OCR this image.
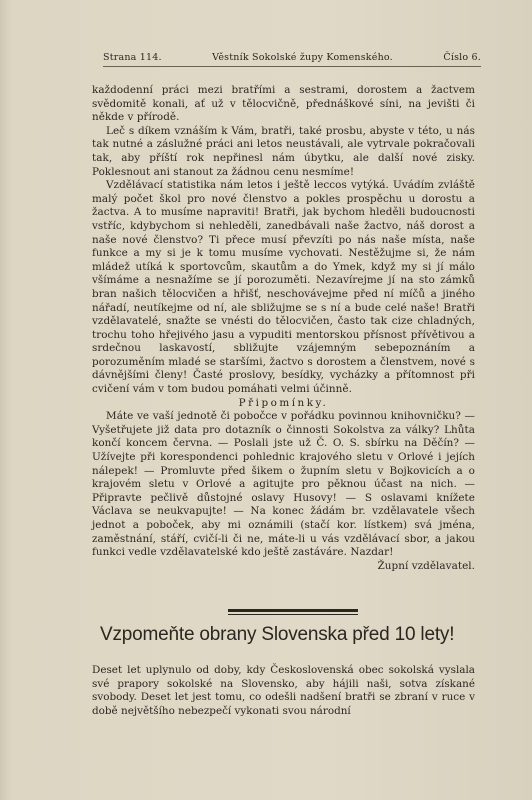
Strana 114.	Věstník Sokolské župy Komenského.	Číslo 6.

každodenní práci mezi bratřími a sestrami, dorostem a žactvem svědomitě konali, ať už v tělocvičně, přednáškové síni, na jevišti či někde v přírodě.

Leč s díkem vznáším k Vám, bratři, také prosbu, abyste v této, u nás tak nutné a záslužné práci ani letos neustávali, ale vytrvale pokračovali tak, aby příští rok nepřinesl nám úbytku, ale další nové zisky. Poklesnout ani stanout za žádnou cenu nesmíme!

Vzdělávací statistika nám letos i ještě leccos vytýká. Uvádím zvláště malý počet škol pro nové členstvo a pokles prospěchu u dorostu a žactva. A to musíme napraviti! Bratři, jak bychom hleděli budoucnosti vstříc, kdybychom si nehleděli, zanedbávali naše žactvo, náš dorost a naše nové členstvo? Ti přece musí převzíti po nás naše místa, naše funkce a my si je k tomu musíme vychovati. Nestěžujme si, že nám mládež utíká k sportovcům, skautům a do Ymek, když my si jí málo všímáme a nesnažíme se jí porozuměti. Nezavírejme jí na sto zámků bran našich tělocvičen a hřišť, neschovávejme před ní míčů a jiného nářadí, neutíkejme od ní, ale sbližujme se s ní a bude celé naše! Bratři vzdělavatelé, snažte se vnésti do tělocvičen, často tak cize chladných, trochu toho hřejivého jasu a vypuditi mentorskou přísnost přívětivou a srdečnou laskavostí, sbližujte vzájemným sebepoznáním a porozuměním mladé se staršími, žactvo s dorostem a členstvem, nové s dávnějšími členy! Časté proslovy, besídky, vycházky a přítomnost při cvičení vám v tom budou pomáhati velmi účinně.

Připomínky.

Máte ve vaší jednotě či pobočce v pořádku povinnou knihovničku? — Vyšetřujete již data pro dotazník o činnosti Sokolstva za války? Lhůta končí koncem června. — Poslali jste už Č. O. S. sbírku na Děčín? — Užívejte při korespondenci pohlednic krajového sletu v Orlové i jejích nálepek! — Promluvte před šikem o župním sletu v Bojkovicích a o krajovém sletu v Orlové a agitujte pro pěknou účast na nich. — Připravte pečlivě důstojné oslavy Husovy! — S oslavami knížete Václava se neukvapujte! — Na konec žádám br. vzdělavatele všech jednot a poboček, aby mi oznámili (stačí kor. lístkem) svá jména, zaměstnání, stáří, cvičí-li či ne, máte-li u vás vzdělávací sbor, a jakou funkci vedle vzdělavatelské kdo ještě zastáváre. Nazdar!

Župní vzdělavatel.

Vzpomeňte obrany Slovenska před 10 lety!

Deset let uplynulo od doby, kdy Československá obec sokolská vyslala své prapory sokolské na Slovensko, aby hájili naši, sotva získané svobody. Deset let jest tomu, co odešli nadšení bratři se zbraní v ruce v době největšího nebezpečí vykonati svou národní
